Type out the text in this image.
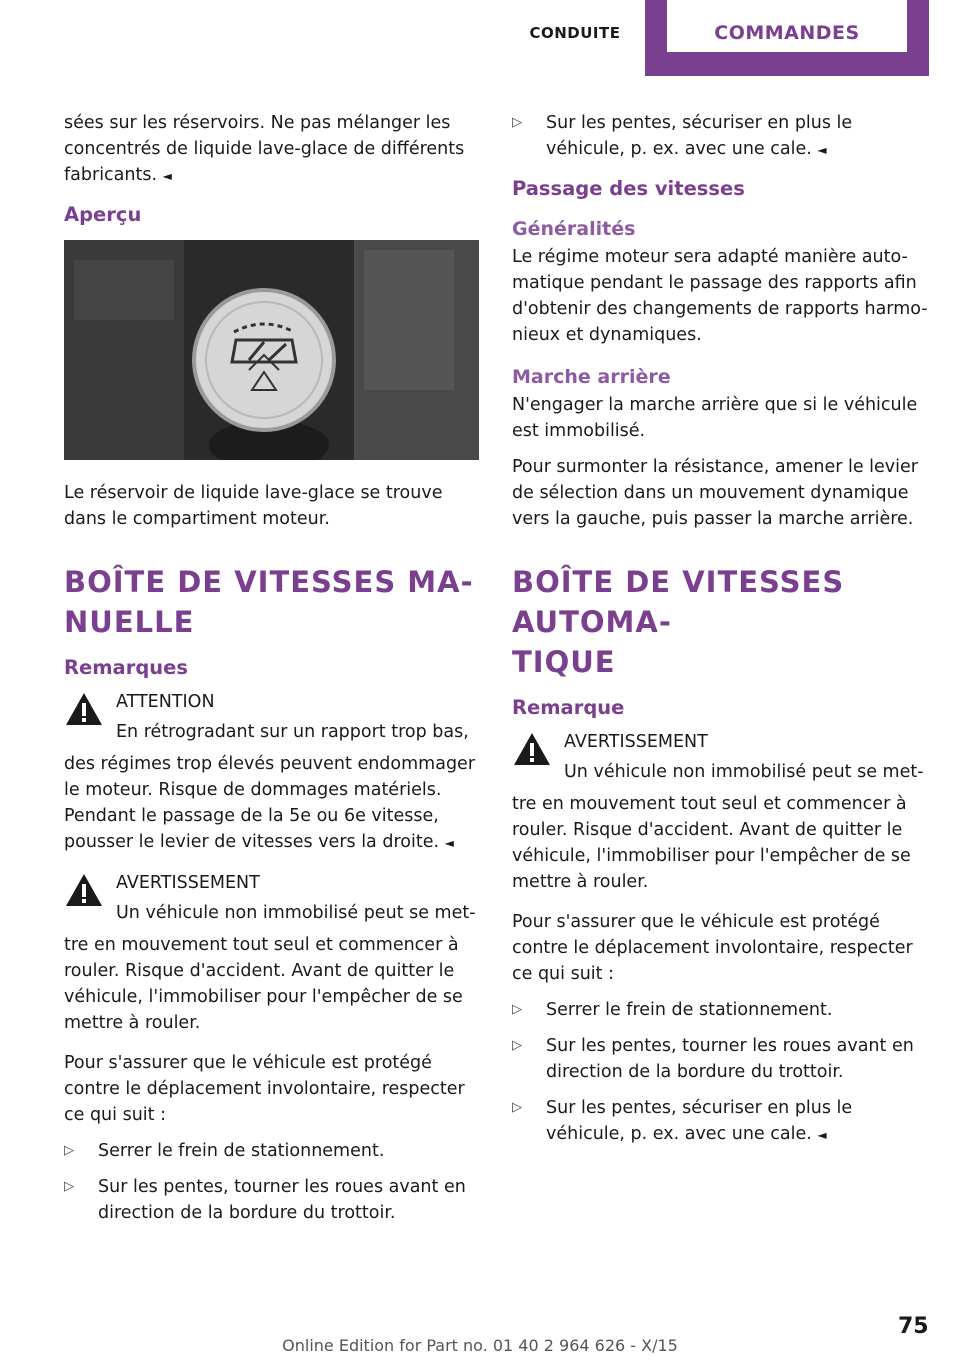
CONDUITE	COMMANDES

sées sur les réservoirs. Ne pas mélanger les concentrés de liquide lave-glace de différents fabricants. ◄

Aperçu

Le réservoir de liquide lave-glace se trouve dans le compartiment moteur.

BOÎTE DE VITESSES MA-
NUELLE
Remarques
ATTENTION
En rétrogradant sur un rapport trop bas,

des régimes trop élevés peuvent endommager le moteur. Risque de dommages matériels. Pendant le passage de la 5e ou 6e vitesse, pousser le levier de vitesses vers la droite. ◄

AVERTISSEMENT
Un véhicule non immobilisé peut se met-

tre en mouvement tout seul et commencer à rouler. Risque d'accident. Avant de quitter le véhicule, l'immobiliser pour l'empêcher de se mettre à rouler.

Pour s'assurer que le véhicule est protégé contre le déplacement involontaire, respecter ce qui suit :

▷ Serrer le frein de stationnement.
▷ Sur les pentes, tourner les roues avant en direction de la bordure du trottoir.
▷ Sur les pentes, sécuriser en plus le véhicule, p. ex. avec une cale. ◄
Passage des vitesses
Généralités

Le régime moteur sera adapté manière auto-matique pendant le passage des rapports afin d'obtenir des changements de rapports harmo-nieux et dynamiques.

Marche arrière

N'engager la marche arrière que si le véhicule est immobilisé.

Pour surmonter la résistance, amener le levier de sélection dans un mouvement dynamique vers la gauche, puis passer la marche arrière.

BOÎTE DE VITESSES AUTOMA-
TIQUE
Remarque
AVERTISSEMENT
Un véhicule non immobilisé peut se met-

tre en mouvement tout seul et commencer à rouler. Risque d'accident. Avant de quitter le véhicule, l'immobiliser pour l'empêcher de se mettre à rouler.

Pour s'assurer que le véhicule est protégé contre le déplacement involontaire, respecter ce qui suit :

▷ Serrer le frein de stationnement.
▷ Sur les pentes, tourner les roues avant en direction de la bordure du trottoir.
▷ Sur les pentes, sécuriser en plus le véhicule, p. ex. avec une cale. ◄
75
Online Edition for Part no. 01 40 2 964 626 - X/15
